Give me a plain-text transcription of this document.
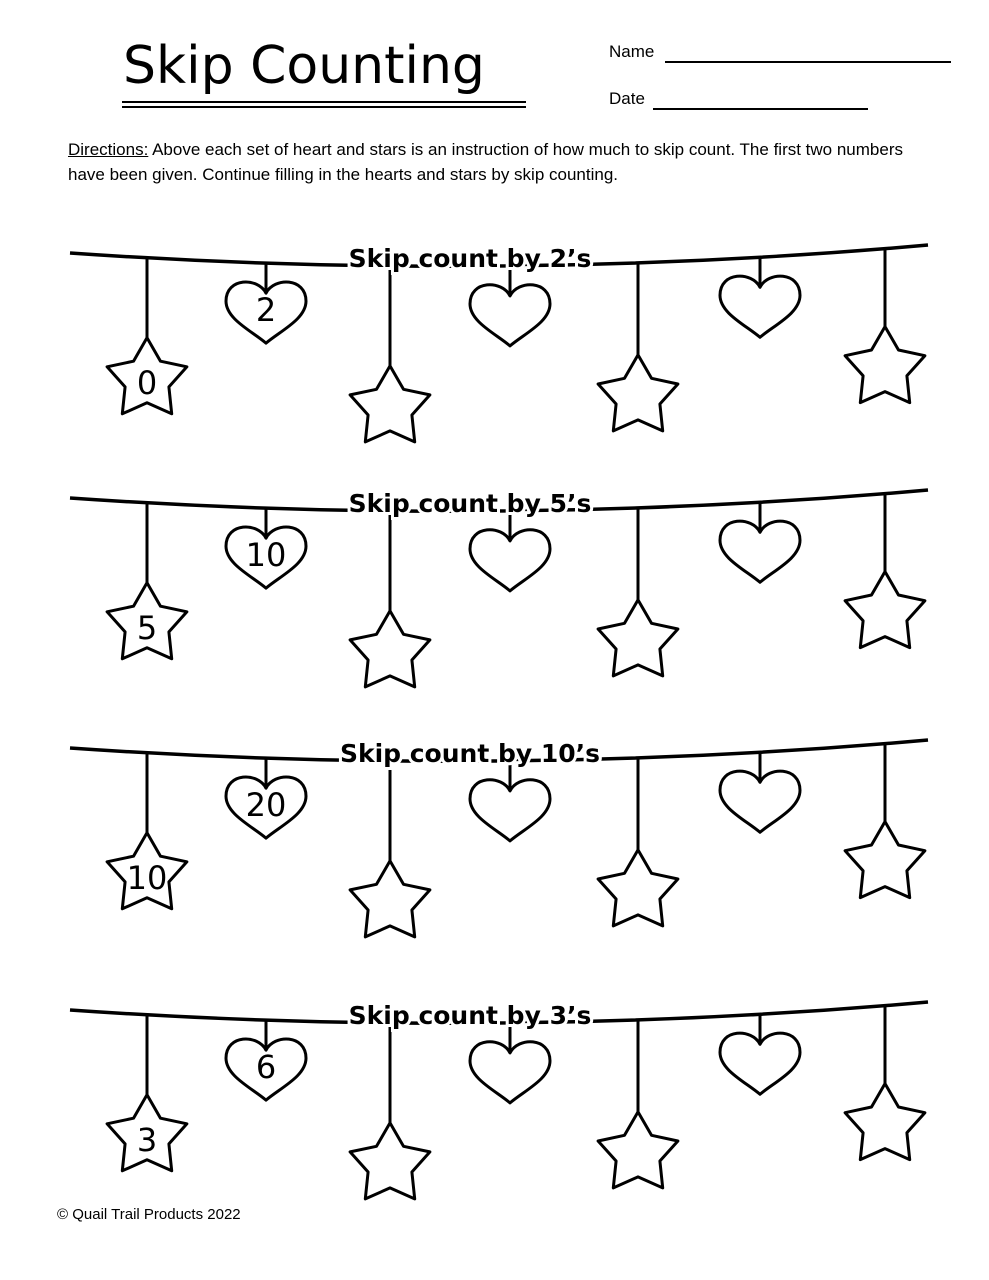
Skip Counting	Name
Date
Directions: Above each set of heart and stars is an instruction of how much to skip count. The first two numbers have been given. Continue filling in the hearts and stars by skip counting.
0
2
Skip count by 2’s
5
10
Skip count by 5’s
10
20
Skip count by 10’s
3
6
Skip count by 3’s
© Quail Trail Products 2022
